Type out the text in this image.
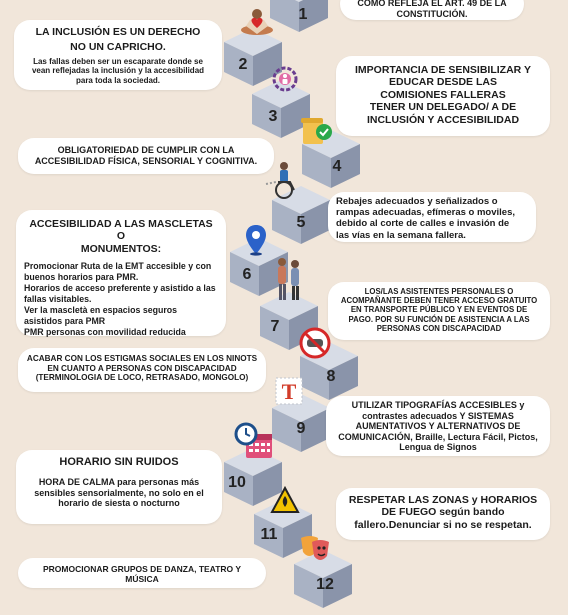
1
2
3
4
5
6
7
8
9
10
11
12
COMO REFLEJA EL ART. 49 DE LA
CONSTITUCIÓN.
LA INCLUSIÓN ES UN DERECHO
NO UN CAPRICHO.
Las fallas deben ser un escaparate donde se
vean reflejadas la inclusión y la accesibilidad
para toda la sociedad.
IMPORTANCIA DE SENSIBILIZAR Y
EDUCAR DESDE LAS
COMISIONES FALLERAS
TENER UN DELEGADO/ A DE
INCLUSIÓN Y ACCESIBILIDAD
OBLIGATORIEDAD DE CUMPLIR CON LA
ACCESIBILIDAD FÍSICA, SENSORIAL Y COGNITIVA.
Rebajes adecuados y señalizados o
rampas adecuadas, efímeras o moviles,
debido al corte de calles e invasión de
las vías en la semana fallera.
ACCESIBILIDAD A LAS MASCLETAS O
MONUMENTOS:
Promocionar Ruta de la EMT accesible y con
buenos horarios para PMR.
Horarios de acceso preferente y asistido a las
fallas visitables.
Ver la mascletà en espacios seguros
asistidos para PMR
PMR personas con movilidad reducida
LOS/LAS ASISTENTES PERSONALES O
ACOMPAÑANTE DEBEN TENER ACCESO GRATUITO
EN TRANSPORTE PÚBLICO Y EN EVENTOS DE
PAGO. POR SU FUNCIÓN DE ASISTENCIA A LAS
PERSONAS CON DISCAPACIDAD
ACABAR CON LOS ESTIGMAS SOCIALES EN LOS NINOTS
EN CUANTO A PERSONAS CON DISCAPACIDAD
(TERMINOLOGIA DE LOCO, RETRASADO, MONGOLO)
UTILIZAR TIPOGRAFÍAS ACCESIBLES y
contrastes adecuados Y SISTEMAS
AUMENTATIVOS Y ALTERNATIVOS DE
COMUNICACIÓN, Braille, Lectura Fácil, Pictos,
Lengua de Signos
HORARIO SIN RUIDOS
HORA DE CALMA para personas más
sensibles sensorialmente, no solo en el
horario de siesta o nocturno	RESPETAR LAS ZONAS y HORARIOS
DE FUEGO según bando
fallero.Denunciar si no se respetan.
PROMOCIONAR GRUPOS DE DANZA, TEATRO Y MÚSICA
T
